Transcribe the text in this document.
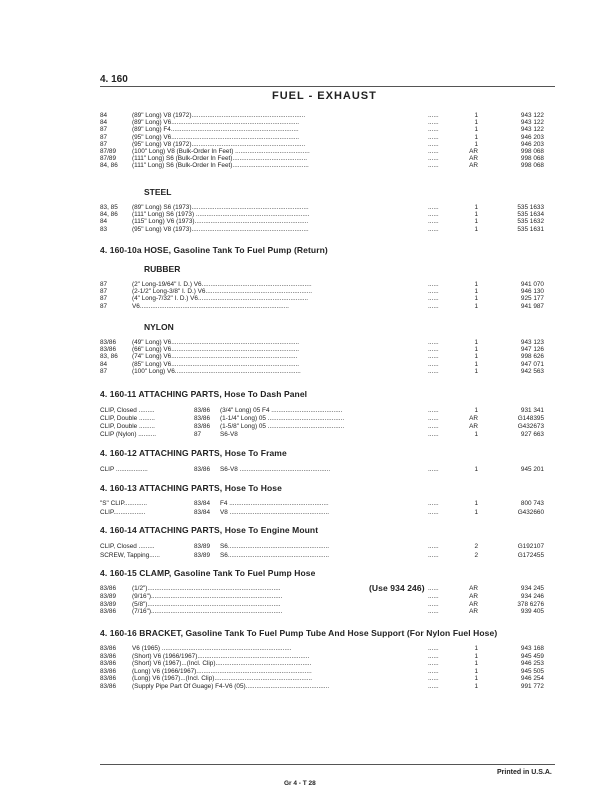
4. 160
FUEL - EXHAUST
84	(89" Long) V8 (1972)................................................................	......	1	943 122
84	(89" Long) V6........................................................................	......	1	943 122
87	(89" Long) F4........................................................................	......	1	943 122
87	(95" Long) V6........................................................................	......	1	946 203
87	(95" Long) V8 (1972)................................................................	......	1	946 203
87/89	(100" Long) V8 (Bulk-Order In Feet) ..........................................	......	AR	998 068
87/89	(111" Long) S6 (Bulk-Order In Feet)..........................................	......	AR	998 068
84, 86 (111" Long) S6 (Bulk-Order In Feet)...........................................	......	AR	998 068
STEEL
83, 85 (89" Long) S6 (1973)..................................................................	......	1	535 1633
84, 86 (111" Long) S6 (1973) ................................................................	......	1	535 1634
84	(115" Long) V6 (1973)................................................................	......	1	535 1632
83	(95" Long) V8 (1973)..................................................................	......	1	535 1631
4. 160-10a HOSE, Gasoline Tank To Fuel Pump (Return)
RUBBER
87	(2" Long-19/64" I. D.) V6..............................................................	......	1	941 070
87	(2-1/2" Long-3/8" I. D.) V6............................................................	......	1	946 130
87	(4" Long-7/32" I. D.) V6..............................................................	......	1	925 177
87	V6....................................................................................	......	1	941 987
NYLON
83/86	(49" Long) V6........................................................................	......	1	943 123
83/86	(66" Long) V6........................................................................	......	1	947 126
83, 86 (74" Long) V6.......................................................................	......	1	998 626
84	(85" Long) V6........................................................................	......	1	947 071
87	(100" Long) V6.......................................................................	......	1	942 563
4. 160-11 ATTACHING PARTS, Hose To Dash Panel
CLIP, Closed .........	83/86 (3/4" Long) 05 F4 ........................................	......	1	931 341
CLIP, Double .........	83/86 (1-1/4" Long) 05 ...........................................	......	AR	G148395
CLIP, Double .........	83/86 (1-5/8" Long) 05 ...........................................	......	AR	G432673
CLIP (Nylon) ..........	87	S6-V8	......	1	927 663
4. 160-12 ATTACHING PARTS, Hose To Frame
CLIP ..................	83/86 S6-V8 ...................................................	......	1	945 201
4. 160-13 ATTACHING PARTS, Hose To Hose
"S" CLIP.............	83/84 F4 ........................................................	......	1	800 743
CLIP..................	83/84 V8 ........................................................	......	1	G432660
4. 160-14 ATTACHING PARTS, Hose To Engine Mount
CLIP, Closed .........	83/89 S6.........................................................	......	2	G192107
SCREW, Tapping......	83/89 S6.........................................................	......	2	G172455
4. 160-15 CLAMP, Gasoline Tank To Fuel Pump Hose
83/86	(1/2")...........................................................................	......	AR	934 245
83/89	(9/16")..........................................................................	......	AR	934 246
83/89	(5/8")...........................................................................	......	AR	378 6276
83/86	(7/16")..........................................................................	......	AR	939 405
(Use 934 246)
4. 160-16 BRACKET, Gasoline Tank To Fuel Pump Tube And Hose Support (For Nylon Fuel Hose)
83/86	V6 (1965) .........................................................................	......	1	943 168
83/86	(Short) V6 (1966/1967)...............................................................	......	1	945 459
83/86	(Short) V6 (1967)...(Incl. Clip)......................................................	......	1	946 253
83/86	(Long) V6 (1966/1967).................................................................	......	1	945 505
83/86	(Long) V6 (1967)...(Incl. Clip).......................................................	......	1	946 254
83/86	(Supply Pipe Part Of Guage) F4-V6 (05)...............................................	......	1	991 772
Printed in U.S.A.
Gr 4 - T 28
